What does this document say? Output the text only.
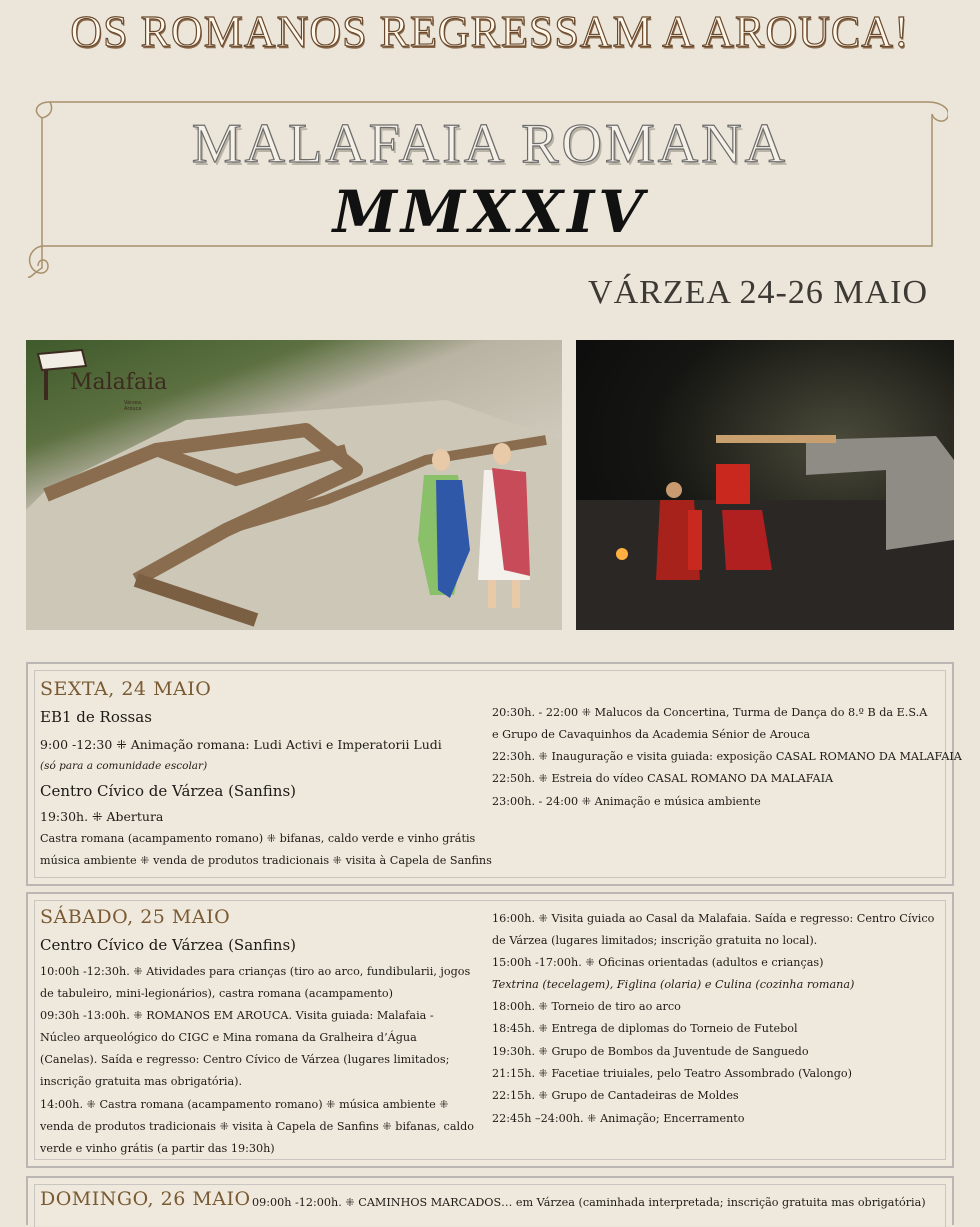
OS ROMANOS REGRESSAM A AROUCA!
MALAFAIA ROMANA
MMXXIV
VÁRZEA 24-26 MAIO
Malafaia
Várzea, Arouca
SEXTA, 24 MAIO
EB1 de Rossas
9:00 -12:30 ⁜ Animação romana: Ludi Activi e Imperatorii Ludi
(só para a comunidade escolar)
Centro Cívico de Várzea (Sanfins)
19:30h. ⁜ Abertura
Castra romana (acampamento romano) ⁜ bifanas, caldo verde e vinho grátis
música ambiente ⁜ venda de produtos tradicionais ⁜ visita à Capela de Sanfins
20:30h. - 22:00 ⁜ Malucos da Concertina, Turma de Dança do 8.º B da E.S.A
e Grupo de Cavaquinhos da Academia Sénior de Arouca
22:30h. ⁜ Inauguração e visita guiada: exposição CASAL ROMANO DA MALAFAIA
22:50h. ⁜ Estreia do vídeo CASAL ROMANO DA MALAFAIA
23:00h. - 24:00 ⁜ Animação e música ambiente
SÁBADO, 25 MAIO
Centro Cívico de Várzea (Sanfins)
10:00h -12:30h. ⁜ Atividades para crianças (tiro ao arco, fundibularii, jogos
de tabuleiro, mini-legionários), castra romana (acampamento)
09:30h -13:00h. ⁜ ROMANOS EM AROUCA. Visita guiada: Malafaia -
Núcleo arqueológico do CIGC e Mina romana da Gralheira d’Água
(Canelas). Saída e regresso: Centro Cívico de Várzea (lugares limitados;
inscrição gratuita mas obrigatória).
14:00h. ⁜ Castra romana (acampamento romano) ⁜ música ambiente ⁜
venda de produtos tradicionais ⁜ visita à Capela de Sanfins ⁜ bifanas, caldo
verde e vinho grátis (a partir das 19:30h)
16:00h. ⁜ Visita guiada ao Casal da Malafaia. Saída e regresso: Centro Cívico
de Várzea (lugares limitados; inscrição gratuita no local).
15:00h -17:00h. ⁜ Oficinas orientadas (adultos e crianças)
Textrina (tecelagem), Figlina (olaria) e Culina (cozinha romana)
18:00h. ⁜ Torneio de tiro ao arco
18:45h. ⁜ Entrega de diplomas do Torneio de Futebol
19:30h. ⁜ Grupo de Bombos da Juventude de Sanguedo
21:15h. ⁜ Facetiae triuiales, pelo Teatro Assombrado (Valongo)
22:15h. ⁜ Grupo de Cantadeiras de Moldes
22:45h –24:00h. ⁜ Animação; Encerramento
DOMINGO, 26 MAIO 09:00h -12:00h. ⁜ CAMINHOS MARCADOS… em Várzea (caminhada interpretada; inscrição gratuita mas obrigatória)
